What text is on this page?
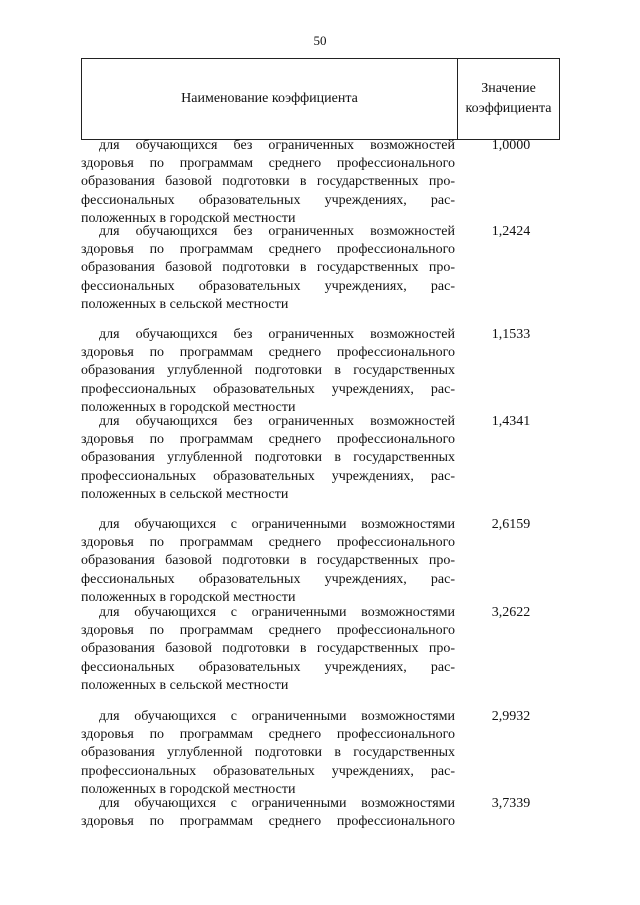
50
Наименование коэффициента
Значение
коэффициента
для обучающихся без ограниченных возможностей
здоровья по программам среднего профессионального
образования базовой подготовки в государственных про-
фессиональных образовательных учреждениях, рас-
положенных в городской местности
1,0000
для обучающихся без ограниченных возможностей
здоровья по программам среднего профессионального
образования базовой подготовки в государственных про-
фессиональных образовательных учреждениях, рас-
положенных в сельской местности
1,2424
для обучающихся без ограниченных возможностей
здоровья по программам среднего профессионального
образования углубленной подготовки в государственных
профессиональных образовательных учреждениях, рас-
положенных в городской местности
1,1533
для обучающихся без ограниченных возможностей
здоровья по программам среднего профессионального
образования углубленной подготовки в государственных
профессиональных образовательных учреждениях, рас-
положенных в сельской местности
1,4341
для обучающихся с ограниченными возможностями
здоровья по программам среднего профессионального
образования базовой подготовки в государственных про-
фессиональных образовательных учреждениях, рас-
положенных в городской местности
2,6159
для обучающихся с ограниченными возможностями
здоровья по программам среднего профессионального
образования базовой подготовки в государственных про-
фессиональных образовательных учреждениях, рас-
положенных в сельской местности
3,2622
для обучающихся с ограниченными возможностями
здоровья по программам среднего профессионального
образования углубленной подготовки в государственных
профессиональных образовательных учреждениях, рас-
положенных в городской местности
2,9932
для обучающихся с ограниченными возможностями
здоровья по программам среднего профессионального
3,7339
